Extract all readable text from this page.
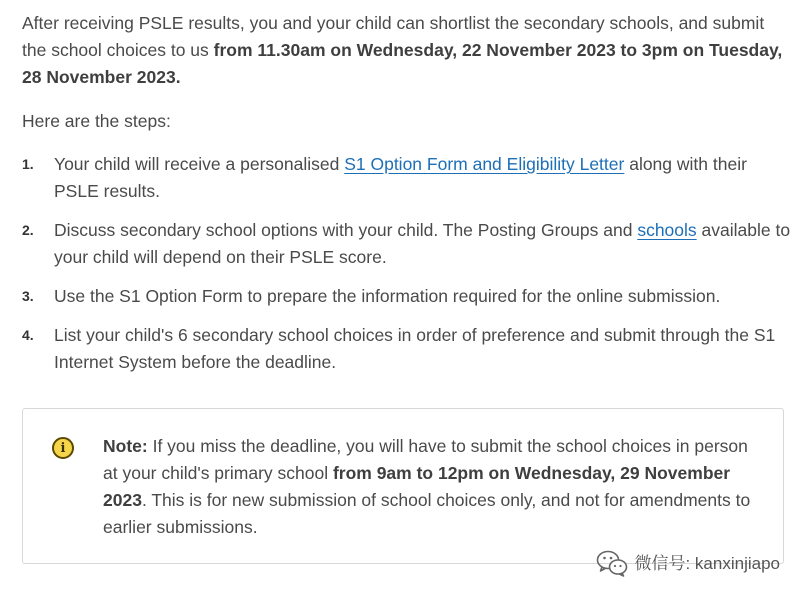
After receiving PSLE results, you and your child can shortlist the secondary schools, and submit the school choices to us from 11.30am on Wednesday, 22 November 2023 to 3pm on Tuesday, 28 November 2023.

Here are the steps:

1. Your child will receive a personalised S1 Option Form and Eligibility Letter along with their PSLE results.
2. Discuss secondary school options with your child. The Posting Groups and schools available to your child will depend on their PSLE score.
3. Use the S1 Option Form to prepare the information required for the online submission.
4. List your child's 6 secondary school choices in order of preference and submit through the S1 Internet System before the deadline.
i	Note: If you miss the deadline, you will have to submit the school choices in person at your child's primary school from 9am to 12pm on Wednesday, 29 November 2023. This is for new submission of school choices only, and not for amendments to earlier submissions.

微信号: kanxinjiapo
